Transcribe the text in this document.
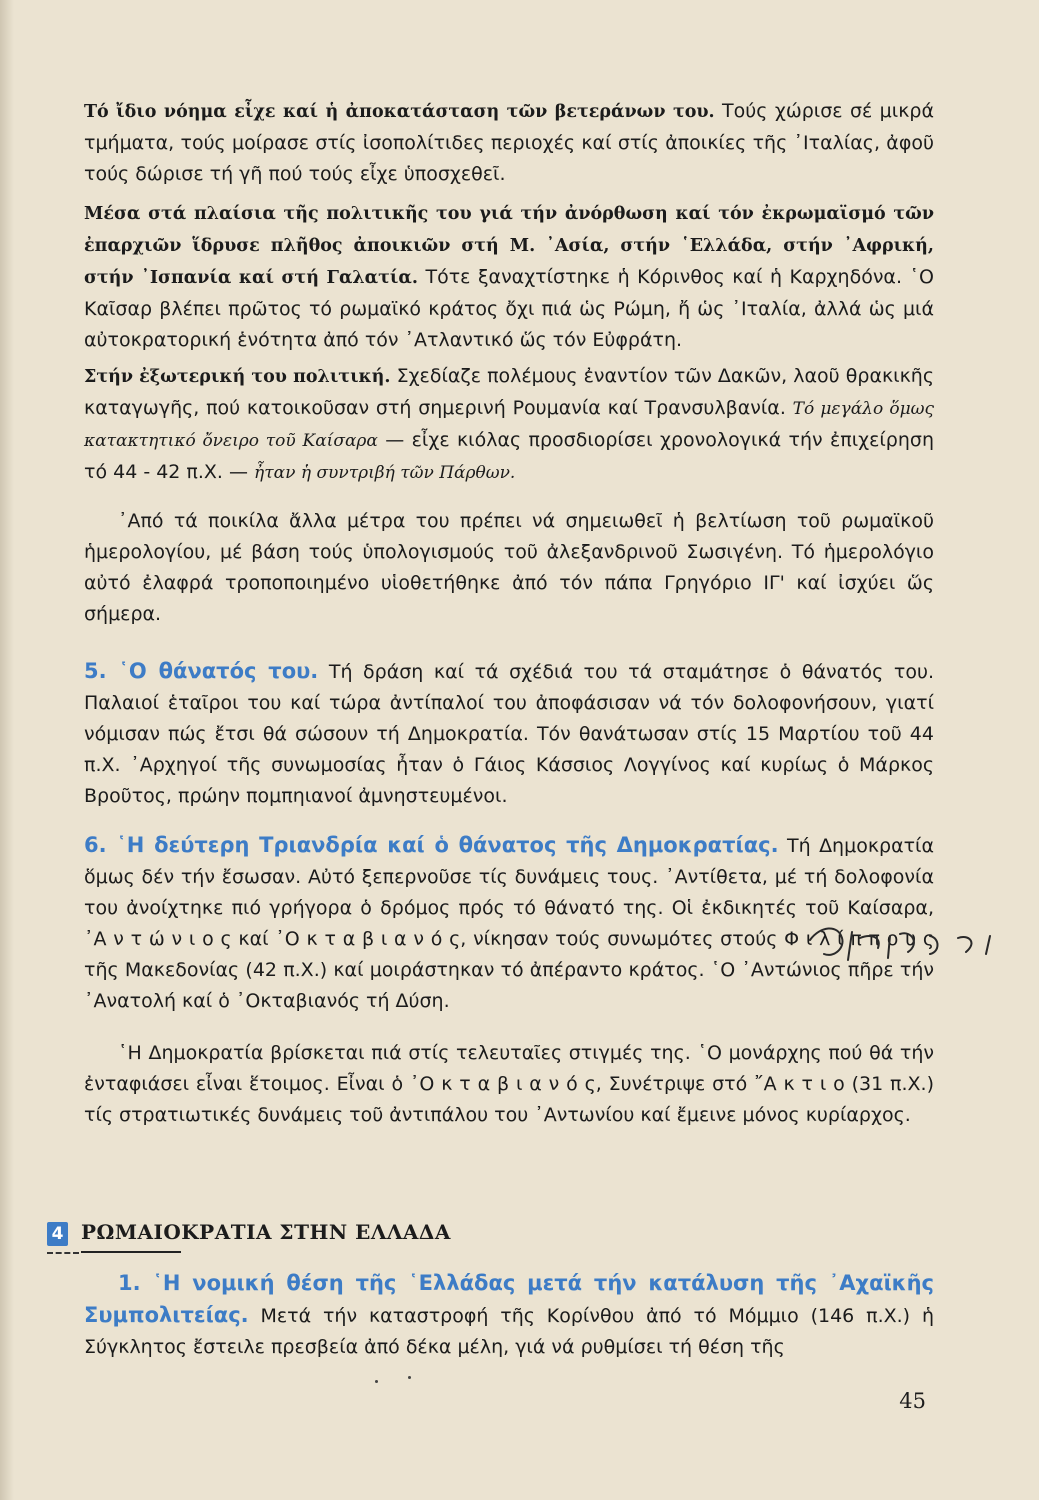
Τό ἴδιο νόημα εἶχε καί ἡ ἀποκατάσταση τῶν βετεράνων του. Τούς χώρισε σέ μικρά τμήματα, τούς μοίρασε στίς ἰσοπολίτιδες περιοχές καί στίς ἀποικίες τῆς ᾿Ιταλίας, ἀφοῦ τούς δώρισε τή γῆ πού τούς εἶχε ὑποσχεθεῖ.

Μέσα στά πλαίσια τῆς πολιτικῆς του γιά τήν ἀνόρθωση καί τόν ἐκρωμαϊσμό τῶν ἐπαρχιῶν ἵδρυσε πλῆθος ἀποικιῶν στή Μ. ᾿Ασία, στήν ῾Ελλάδα, στήν ᾿Αφρική, στήν ᾿Ισπανία καί στή Γαλατία. Τότε ξαναχτίστηκε ἡ Κόρινθος καί ἡ Καρχηδόνα. ῾Ο Καῖσαρ βλέπει πρῶτος τό ρωμαϊκό κράτος ὄχι πιά ὡς Ρώμη, ἤ ὡς ᾿Ιταλία, ἀλλά ὡς μιά αὐτοκρατορική ἑνότητα ἀπό τόν ᾿Ατλαντικό ὥς τόν Εὐφράτη.

Στήν ἐξωτερική του πολιτική. Σχεδίαζε πολέμους ἐναντίον τῶν Δακῶν, λαοῦ θρακικῆς καταγωγῆς, πού κατοικοῦσαν στή σημερινή Ρουμανία καί Τρανσυλβανία. Τό μεγάλο ὅμως κατακτητικό ὄνειρο τοῦ Καίσαρα — εἶχε κιόλας προσδιορίσει χρονολογικά τήν ἐπιχείρηση τό 44 - 42 π.Χ. — ἦταν ἡ συντριβή τῶν Πάρθων.

᾿Από τά ποικίλα ἄλλα μέτρα του πρέπει νά σημειωθεῖ ἡ βελτίωση τοῦ ρωμαϊκοῦ ἡμερολογίου, μέ βάση τούς ὑπολογισμούς τοῦ ἀλεξανδρινοῦ Σωσιγένη. Τό ἡμερολόγιο αὐτό ἐλαφρά τροποποιημένο υἱοθετήθηκε ἀπό τόν πάπα Γρηγόριο ΙΓ' καί ἰσχύει ὥς σήμερα.

5. ῾Ο θάνατός του. Τή δράση καί τά σχέδιά του τά σταμάτησε ὁ θάνατός του. Παλαιοί ἑταῖροι του καί τώρα ἀντίπαλοί του ἀποφάσισαν νά τόν δολοφονήσουν, γιατί νόμισαν πώς ἔτσι θά σώσουν τή Δημοκρατία. Τόν θανάτωσαν στίς 15 Μαρτίου τοῦ 44 π.Χ. ᾿Αρχηγοί τῆς συνωμοσίας ἦταν ὁ Γάιος Κάσσιος Λογγίνος καί κυρίως ὁ Μάρκος Βροῦτος, πρώην πομπηιανοί ἀμνηστευμένοι.

6. ῾Η δεύτερη Τριανδρία καί ὁ θάνατος τῆς Δημοκρατίας. Τή Δημοκρατία ὅμως δέν τήν ἔσωσαν. Αὐτό ξεπερνοῦσε τίς δυνάμεις τους. ᾿Αντίθετα, μέ τή δολοφονία του ἀνοίχτηκε πιό γρήγορα ὁ δρόμος πρός τό θάνατό της. Οἱ ἐκδικητές τοῦ Καίσαρα, ᾿Α ν τ ώ ν ι ο ς καί ᾿Ο κ τ α β ι α ν ό ς, νίκησαν τούς συνωμότες στούς Φ ι λ ί π π ο υ ς τῆς Μακεδονίας (42 π.Χ.) καί μοιράστηκαν τό ἀπέραντο κράτος. ῾Ο ᾿Αντώνιος πῆρε τήν ᾿Ανατολή καί ὁ ᾿Οκταβιανός τή Δύση.

῾Η Δημοκρατία βρίσκεται πιά στίς τελευταῖες στιγμές της. ῾Ο μονάρχης πού θά τήν ἐνταφιάσει εἶναι ἕτοιμος. Εἶναι ὁ ᾿Ο κ τ α β ι α ν ό ς, Συνέτριψε στό ῎Α κ τ ι ο (31 π.Χ.) τίς στρατιωτικές δυνάμεις τοῦ ἀντιπάλου του ᾿Αντωνίου καί ἔμεινε μόνος κυρίαρχος.

4 ΡΩΜΑΙΟΚΡΑΤΙΑ ΣΤΗΝ ΕΛΛΑΔΑ

1. ῾Η νομική θέση τῆς ῾Ελλάδας μετά τήν κατάλυση τῆς ᾿Αχαϊκῆς Συμπολιτείας. Μετά τήν καταστροφή τῆς Κορίνθου ἀπό τό Μόμμιο (146 π.Χ.) ἡ Σύγκλητος ἔστειλε πρεσβεία ἀπό δέκα μέλη, γιά νά ρυθμίσει τή θέση τῆς

45
